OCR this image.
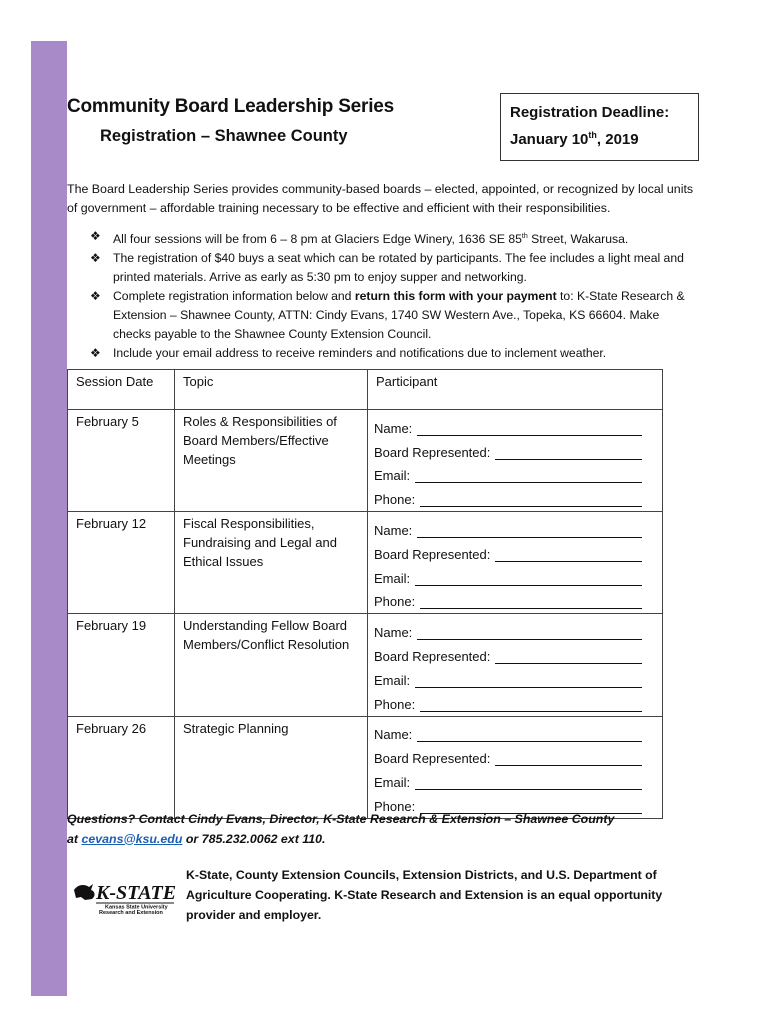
Community Board Leadership Series
Registration – Shawnee County
Registration Deadline:
January 10th, 2019

The Board Leadership Series provides community-based boards – elected, appointed, or recognized by local units of government – affordable training necessary to be effective and efficient with their responsibilities.

❖ All four sessions will be from 6 – 8 pm at Glaciers Edge Winery, 1636 SE 85th Street, Wakarusa.
❖ The registration of $40 buys a seat which can be rotated by participants. The fee includes a light meal and printed materials. Arrive as early as 5:30 pm to enjoy supper and networking.
❖ Complete registration information below and return this form with your payment to: K-State Research & Extension – Shawnee County, ATTN: Cindy Evans, 1740 SW Western Ave., Topeka, KS 66604. Make checks payable to the Shawnee County Extension Council.
❖ Include your email address to receive reminders and notifications due to inclement weather.
Session Date	Topic	Participant
February 5	Roles & Responsibilities of Board Members/Effective Meetings	Name:
Board Represented:
Email:
Phone:

February 12	Fiscal Responsibilities, Fundraising and Legal and Ethical Issues	Name:
Board Represented:
Email:
Phone:

February 19	Understanding Fellow Board Members/Conflict Resolution	Name:
Board Represented:
Email:
Phone:

February 26	Strategic Planning	Name:
Board Represented:
Email:
Phone:

Questions? Contact Cindy Evans, Director, K-State Research & Extension – Shawnee County
at cevans@ksu.edu or 785.232.0062 ext 110.

K-STATE
Kansas State University
Research and Extension

K-State, County Extension Councils, Extension Districts, and U.S. Department of Agriculture Cooperating. K-State Research and Extension is an equal opportunity provider and employer.
